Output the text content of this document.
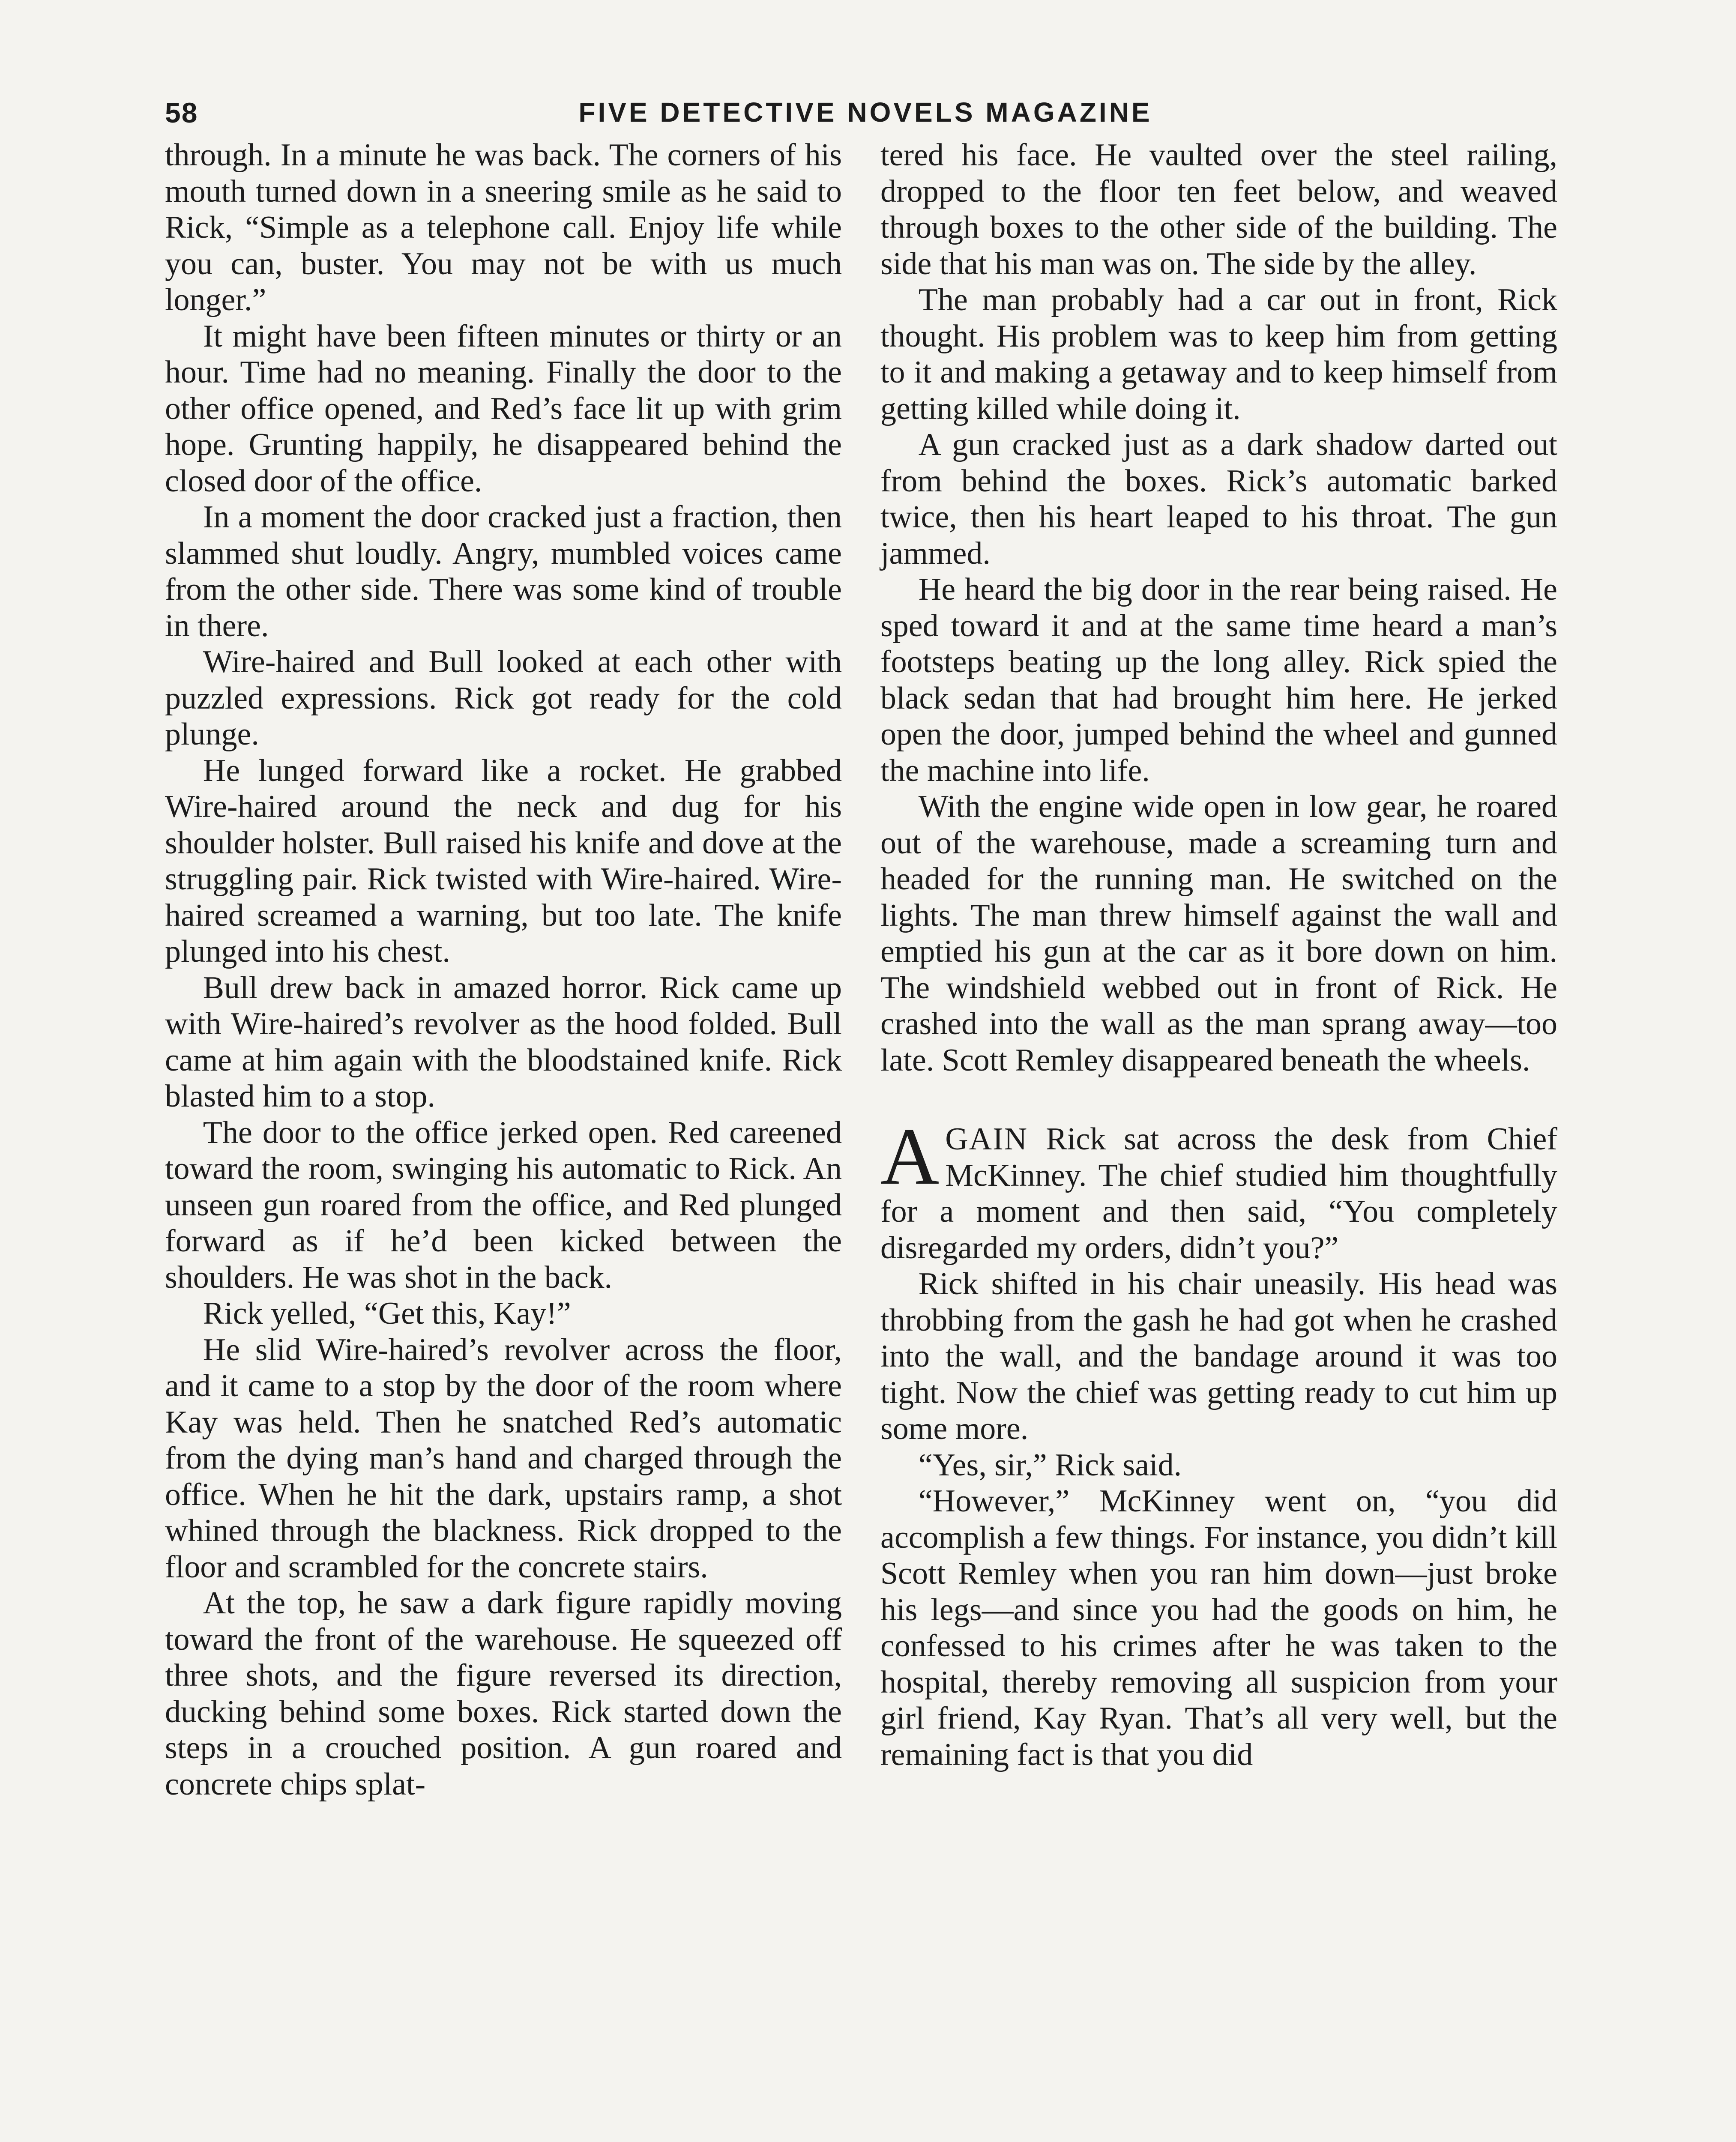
58	FIVE DETECTIVE NOVELS MAGAZINE

through. In a minute he was back. The corners of his mouth turned down in a sneering smile as he said to Rick, “Simple as a telephone call. Enjoy life while you can, buster. You may not be with us much longer.”

It might have been fifteen minutes or thirty or an hour. Time had no meaning. Finally the door to the other office opened, and Red’s face lit up with grim hope. Grunting happily, he disappeared behind the closed door of the office.

In a moment the door cracked just a fraction, then slammed shut loudly. Angry, mumbled voices came from the other side. There was some kind of trouble in there.

Wire-haired and Bull looked at each other with puzzled expressions. Rick got ready for the cold plunge.

He lunged forward like a rocket. He grabbed Wire-haired around the neck and dug for his shoulder holster. Bull raised his knife and dove at the struggling pair. Rick twisted with Wire-haired. Wire-haired screamed a warning, but too late. The knife plunged into his chest.

Bull drew back in amazed horror. Rick came up with Wire-haired’s revolver as the hood folded. Bull came at him again with the bloodstained knife. Rick blasted him to a stop.

The door to the office jerked open. Red careened toward the room, swinging his automatic to Rick. An unseen gun roared from the office, and Red plunged forward as if he’d been kicked between the shoulders. He was shot in the back.

Rick yelled, “Get this, Kay!”

He slid Wire-haired’s revolver across the floor, and it came to a stop by the door of the room where Kay was held. Then he snatched Red’s automatic from the dying man’s hand and charged through the office. When he hit the dark, upstairs ramp, a shot whined through the blackness. Rick dropped to the floor and scrambled for the concrete stairs.

At the top, he saw a dark figure rapidly moving toward the front of the warehouse. He squeezed off three shots, and the figure reversed its direction, ducking behind some boxes. Rick started down the steps in a crouched position. A gun roared and concrete chips splat-

tered his face. He vaulted over the steel railing, dropped to the floor ten feet below, and weaved through boxes to the other side of the building. The side that his man was on. The side by the alley.

The man probably had a car out in front, Rick thought. His problem was to keep him from getting to it and making a getaway and to keep himself from getting killed while doing it.

A gun cracked just as a dark shadow darted out from behind the boxes. Rick’s automatic barked twice, then his heart leaped to his throat. The gun jammed.

He heard the big door in the rear being raised. He sped toward it and at the same time heard a man’s footsteps beating up the long alley. Rick spied the black sedan that had brought him here. He jerked open the door, jumped behind the wheel and gunned the machine into life.

With the engine wide open in low gear, he roared out of the warehouse, made a screaming turn and headed for the running man. He switched on the lights. The man threw himself against the wall and emptied his gun at the car as it bore down on him. The windshield webbed out in front of Rick. He crashed into the wall as the man sprang away—too late. Scott Remley disappeared beneath the wheels.

AGAIN Rick sat across the desk from Chief McKinney. The chief studied him thoughtfully for a moment and then said, “You completely disregarded my orders, didn’t you?”

Rick shifted in his chair uneasily. His head was throbbing from the gash he had got when he crashed into the wall, and the bandage around it was too tight. Now the chief was getting ready to cut him up some more.

“Yes, sir,” Rick said.

“However,” McKinney went on, “you did accomplish a few things. For instance, you didn’t kill Scott Remley when you ran him down—just broke his legs—and since you had the goods on him, he confessed to his crimes after he was taken to the hospital, thereby removing all suspicion from your girl friend, Kay Ryan. That’s all very well, but the remaining fact is that you did
